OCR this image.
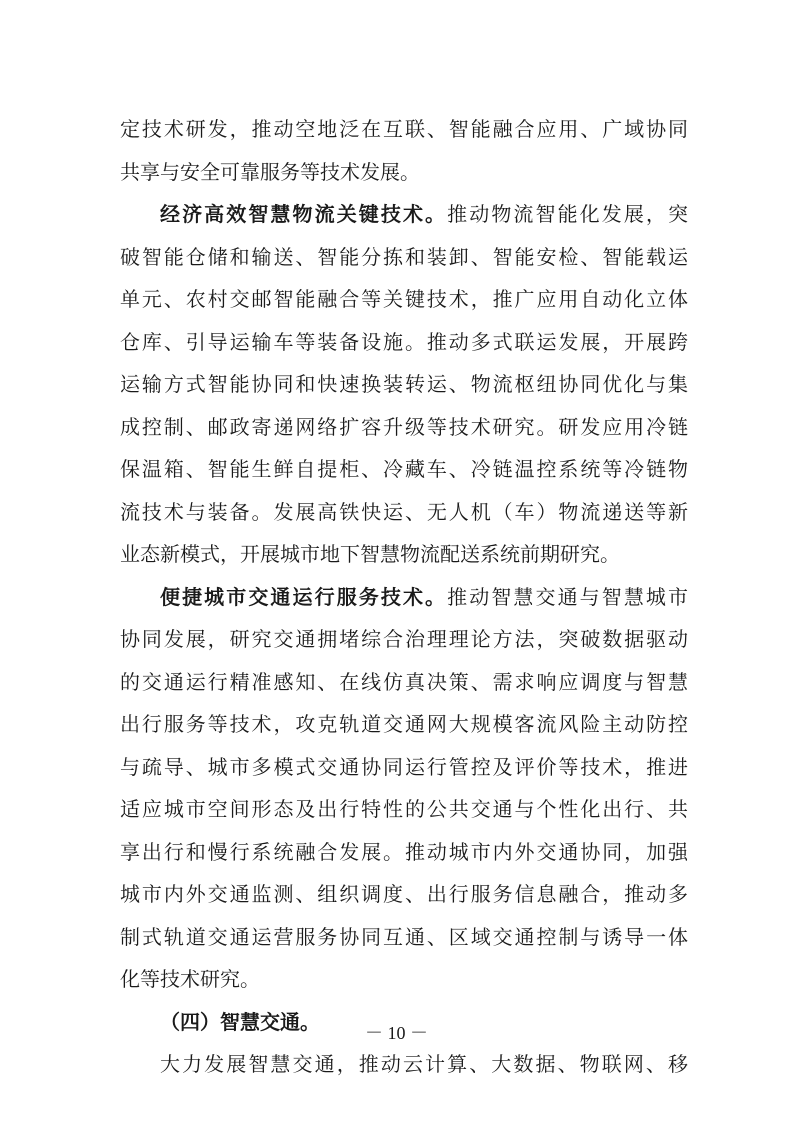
定技术研发，推动空地泛在互联、智能融合应用、广域协同
共享与安全可靠服务等技术发展。
经济高效智慧物流关键技术。推动物流智能化发展，突
破智能仓储和输送、智能分拣和装卸、智能安检、智能载运
单元、农村交邮智能融合等关键技术，推广应用自动化立体
仓库、引导运输车等装备设施。推动多式联运发展，开展跨
运输方式智能协同和快速换装转运、物流枢纽协同优化与集
成控制、邮政寄递网络扩容升级等技术研究。研发应用冷链
保温箱、智能生鲜自提柜、冷藏车、冷链温控系统等冷链物
流技术与装备。发展高铁快运、无人机（车）物流递送等新
业态新模式，开展城市地下智慧物流配送系统前期研究。
便捷城市交通运行服务技术。推动智慧交通与智慧城市
协同发展，研究交通拥堵综合治理理论方法，突破数据驱动
的交通运行精准感知、在线仿真决策、需求响应调度与智慧
出行服务等技术，攻克轨道交通网大规模客流风险主动防控
与疏导、城市多模式交通协同运行管控及评价等技术，推进
适应城市空间形态及出行特性的公共交通与个性化出行、共
享出行和慢行系统融合发展。推动城市内外交通协同，加强
城市内外交通监测、组织调度、出行服务信息融合，推动多
制式轨道交通运营服务协同互通、区域交通控制与诱导一体
化等技术研究。
（四）智慧交通。
大力发展智慧交通，推动云计算、大数据、物联网、移
－ 10 －
